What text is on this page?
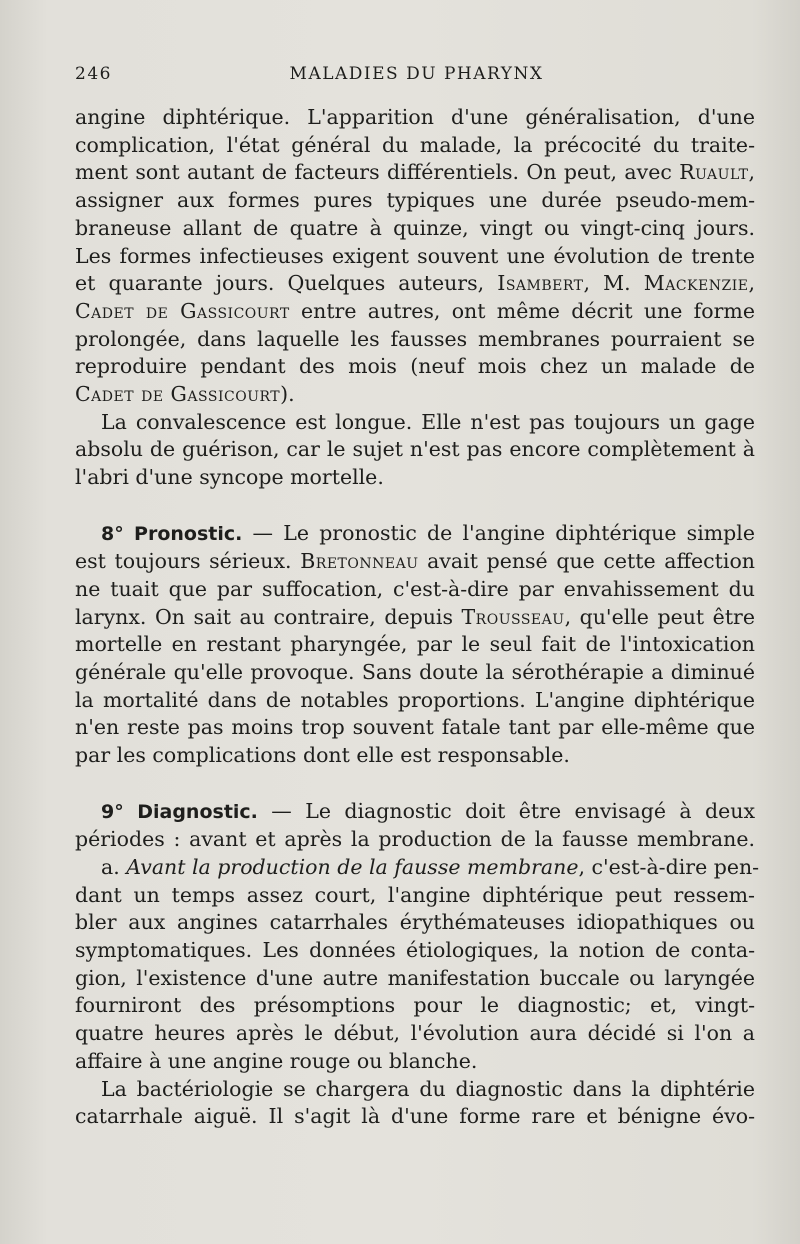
246	MALADIES DU PHARYNX
angine diphtérique. L'apparition d'une généralisation, d'une
complication, l'état général du malade, la précocité du traite-
ment sont autant de facteurs différentiels. On peut, avec Ruault,
assigner aux formes pures typiques une durée pseudo-mem-
braneuse allant de quatre à quinze, vingt ou vingt-cinq jours.
Les formes infectieuses exigent souvent une évolution de trente
et quarante jours. Quelques auteurs, Isambert, M. Mackenzie,
Cadet de Gassicourt entre autres, ont même décrit une forme
prolongée, dans laquelle les fausses membranes pourraient se
reproduire pendant des mois (neuf mois chez un malade de
Cadet de Gassicourt).
La convalescence est longue. Elle n'est pas toujours un gage
absolu de guérison, car le sujet n'est pas encore complètement à
l'abri d'une syncope mortelle.
8° Pronostic. — Le pronostic de l'angine diphtérique simple
est toujours sérieux. Bretonneau avait pensé que cette affection
ne tuait que par suffocation, c'est-à-dire par envahissement du
larynx. On sait au contraire, depuis Trousseau, qu'elle peut être
mortelle en restant pharyngée, par le seul fait de l'intoxication
générale qu'elle provoque. Sans doute la sérothérapie a diminué
la mortalité dans de notables proportions. L'angine diphtérique
n'en reste pas moins trop souvent fatale tant par elle-même que
par les complications dont elle est responsable.
9° Diagnostic. — Le diagnostic doit être envisagé à deux
périodes : avant et après la production de la fausse membrane.
a. Avant la production de la fausse membrane, c'est-à-dire pen-
dant un temps assez court, l'angine diphtérique peut ressem-
bler aux angines catarrhales érythémateuses idiopathiques ou
symptomatiques. Les données étiologiques, la notion de conta-
gion, l'existence d'une autre manifestation buccale ou laryngée
fourniront des présomptions pour le diagnostic; et, vingt-
quatre heures après le début, l'évolution aura décidé si l'on a
affaire à une angine rouge ou blanche.
La bactériologie se chargera du diagnostic dans la diphtérie
catarrhale aiguë. Il s'agit là d'une forme rare et bénigne évo-
